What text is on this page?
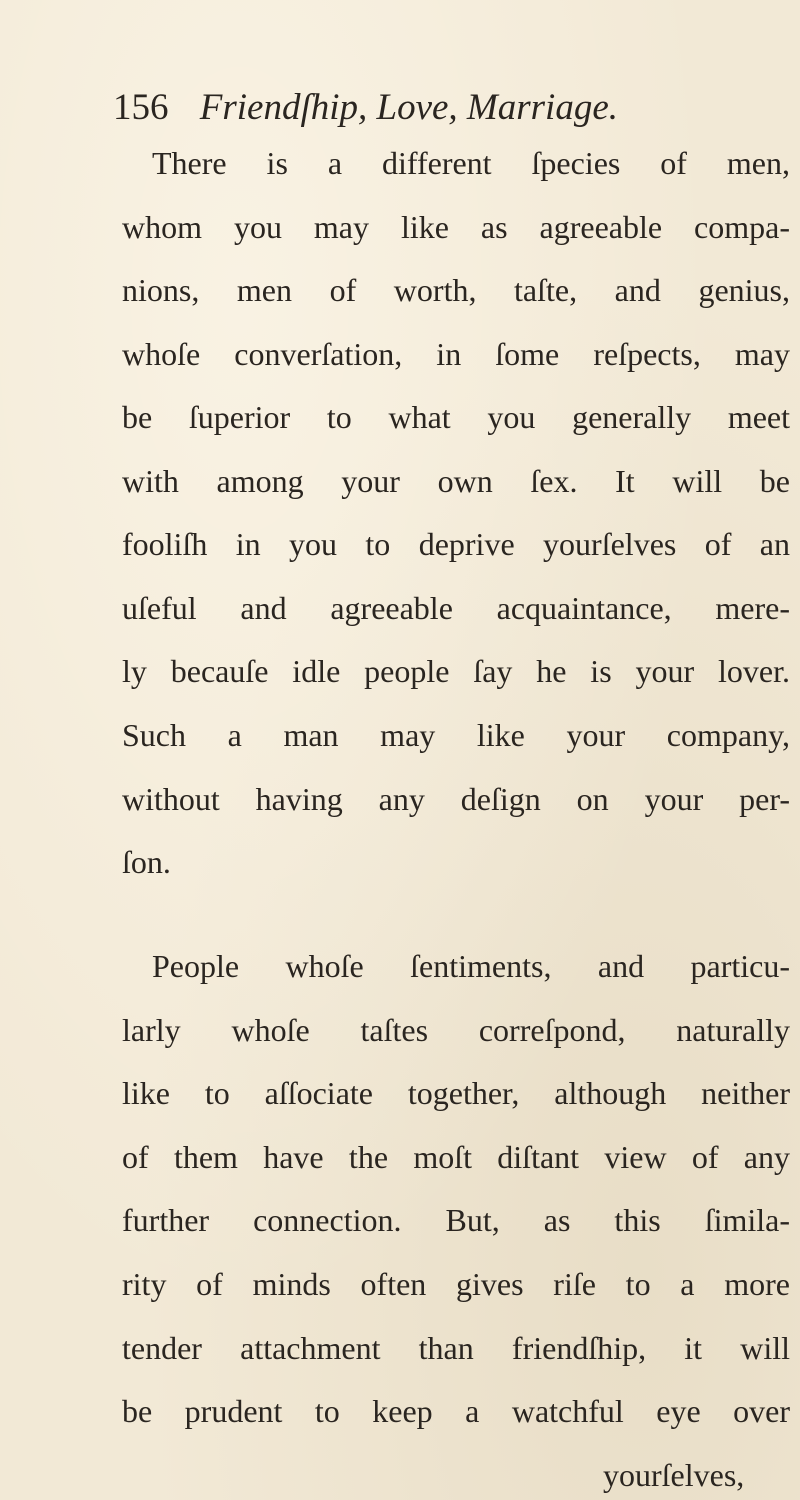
156 Friendſhip, Love, Marriage.
There is a different ſpecies of men,
whom you may like as agreeable compa-
nions, men of worth, taſte, and genius,
whoſe converſation, in ſome reſpects, may
be ſuperior to what you generally meet
with among your own ſex. It will be
fooliſh in you to deprive yourſelves of an
uſeful and agreeable acquaintance, mere-
ly becauſe idle people ſay he is your lover.
Such a man may like your company,
without having any deſign on your per-
ſon.
People whoſe ſentiments, and particu-
larly whoſe taſtes correſpond, naturally
like to aſſociate together, although neither
of them have the moſt diſtant view of any
further connection. But, as this ſimila-
rity of minds often gives riſe to a more
tender attachment than friendſhip, it will
be prudent to keep a watchful eye over
yourſelves,
